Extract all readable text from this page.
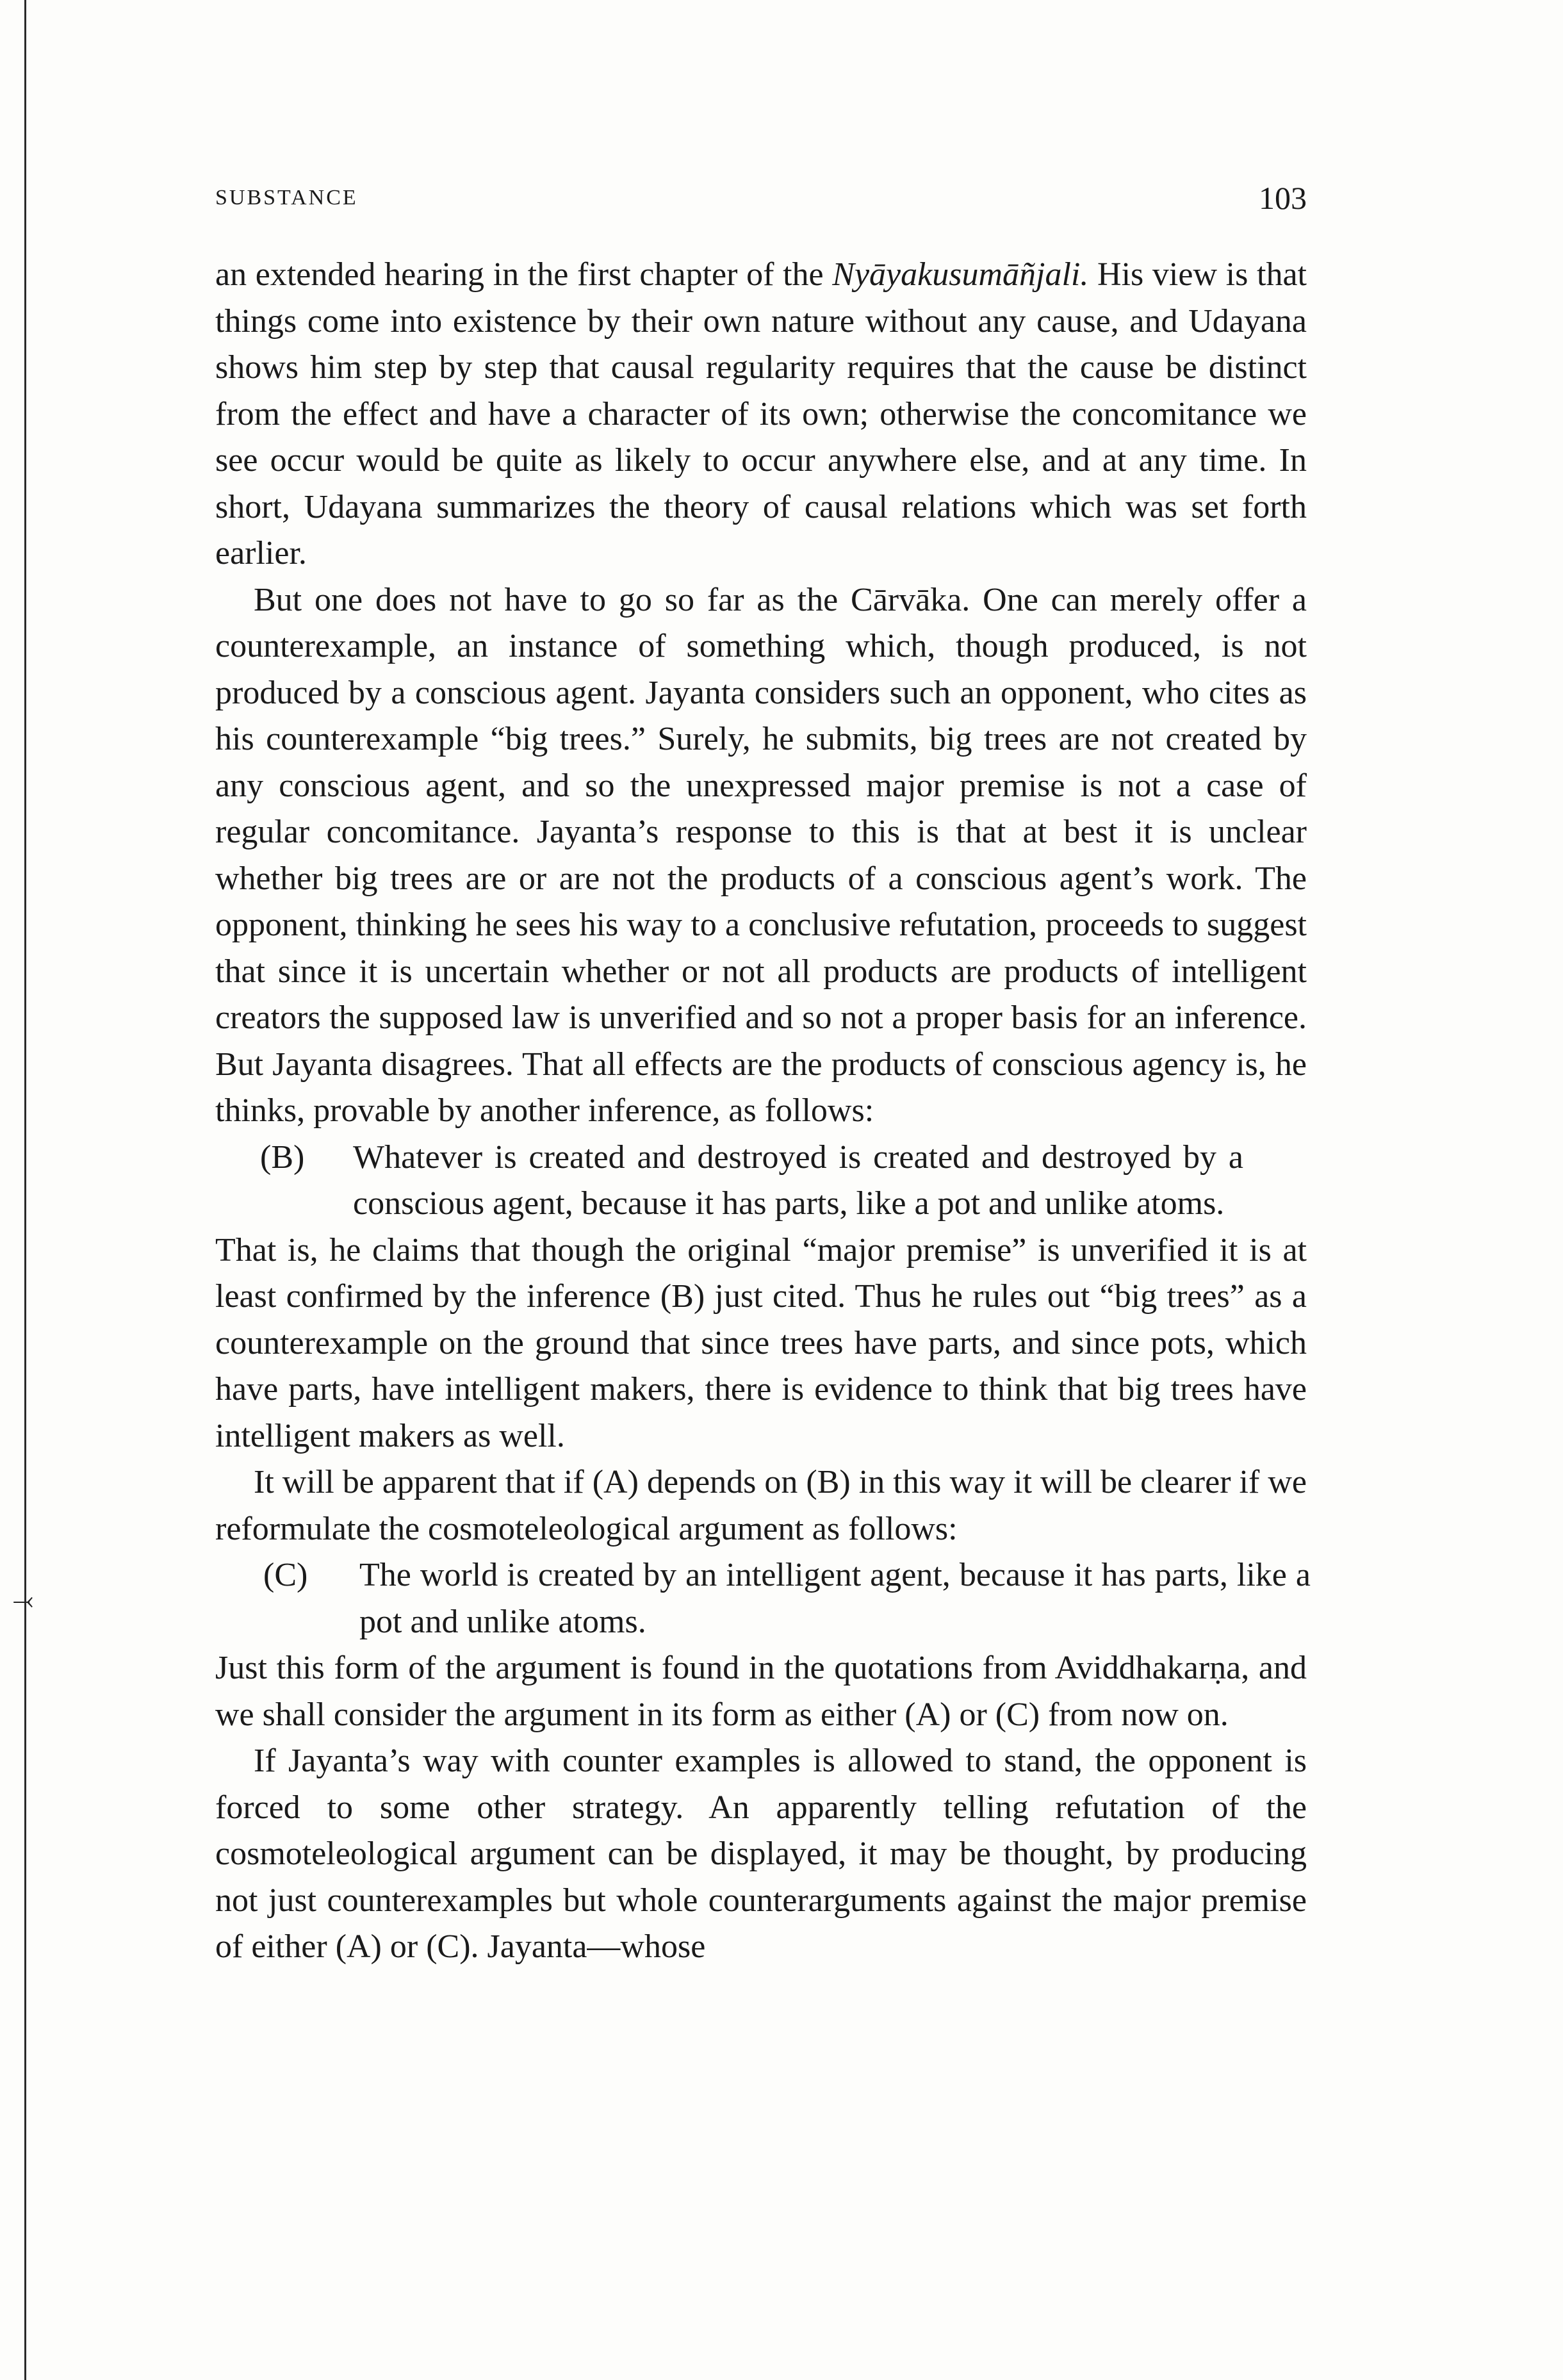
⤙
SUBSTANCE	103

an extended hearing in the first chapter of the Nyāyakusumāñjali. His view is that things come into existence by their own nature without any cause, and Udayana shows him step by step that causal regularity requires that the cause be distinct from the effect and have a character of its own; otherwise the concomitance we see occur would be quite as likely to occur anywhere else, and at any time. In short, Udayana summarizes the theory of causal relations which was set forth earlier.

But one does not have to go so far as the Cārvāka. One can merely offer a counterexample, an instance of something which, though produced, is not produced by a conscious agent. Jayanta considers such an opponent, who cites as his counterexample “big trees.” Surely, he submits, big trees are not created by any conscious agent, and so the unexpressed major premise is not a case of regular concomitance. Jayanta’s response to this is that at best it is unclear whether big trees are or are not the products of a conscious agent’s work. The opponent, thinking he sees his way to a conclusive refutation, proceeds to suggest that since it is uncertain whether or not all products are products of intelligent creators the supposed law is unverified and so not a proper basis for an inference. But Jayanta disagrees. That all effects are the products of conscious agency is, he thinks, provable by another inference, as follows:

(B) Whatever is created and destroyed is created and destroyed by a conscious agent, because it has parts, like a pot and unlike atoms.

That is, he claims that though the original “major premise” is unverified it is at least confirmed by the inference (B) just cited. Thus he rules out “big trees” as a counterexample on the ground that since trees have parts, and since pots, which have parts, have intelligent makers, there is evidence to think that big trees have intelligent makers as well.

It will be apparent that if (A) depends on (B) in this way it will be clearer if we reformulate the cosmoteleological argument as follows:

(C) The world is created by an intelligent agent, because it has parts, like a pot and unlike atoms.

Just this form of the argument is found in the quotations from Aviddhakarṇa, and we shall consider the argument in its form as either (A) or (C) from now on.

If Jayanta’s way with counter examples is allowed to stand, the opponent is forced to some other strategy. An apparently telling refutation of the cosmoteleological argument can be displayed, it may be thought, by producing not just counterexamples but whole counterarguments against the major premise of either (A) or (C). Jayanta—whose
